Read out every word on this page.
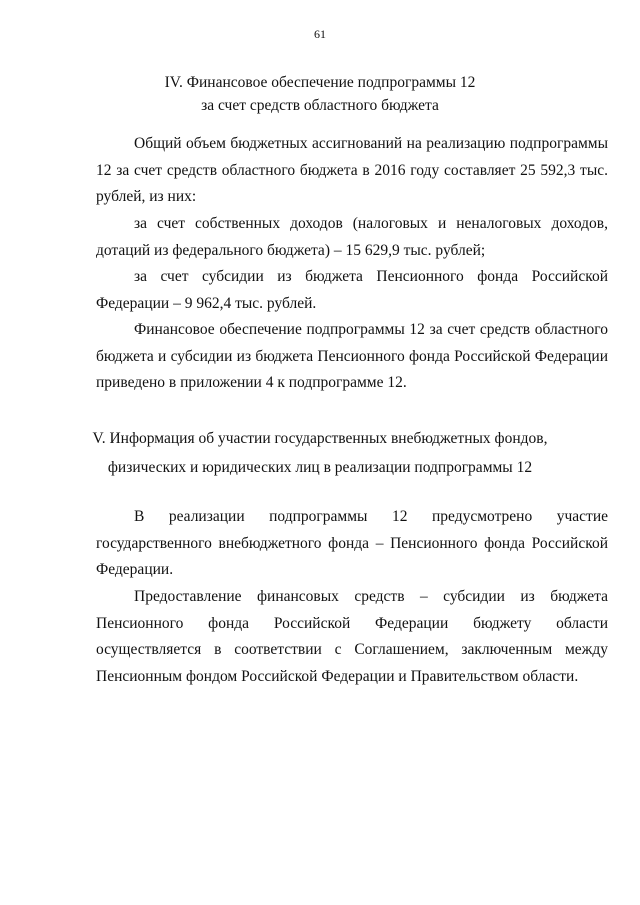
61
IV. Финансовое обеспечение подпрограммы 12
за счет средств областного бюджета

Общий объем бюджетных ассигнований на реализацию подпрограммы 12 за счет средств областного бюджета в 2016 году составляет 25 592,3 тыс. рублей, из них:

за счет собственных доходов (налоговых и неналоговых доходов, дотаций из федерального бюджета) – 15 629,9 тыс. рублей;

за счет субсидии из бюджета Пенсионного фонда Российской Федерации – 9 962,4 тыс. рублей.

Финансовое обеспечение подпрограммы 12 за счет средств областного бюджета и субсидии из бюджета Пенсионного фонда Российской Федерации приведено в приложении 4 к подпрограмме 12.

V. Информация об участии государственных внебюджетных фондов,
физических и юридических лиц в реализации подпрограммы 12

В реализации подпрограммы 12 предусмотрено участие государственного внебюджетного фонда – Пенсионного фонда Российской Федерации.

Предоставление финансовых средств – субсидии из бюджета Пенсионного фонда Российской Федерации бюджету области осуществляется в соответствии с Соглашением, заключенным между Пенсионным фондом Российской Федерации и Правительством области.
